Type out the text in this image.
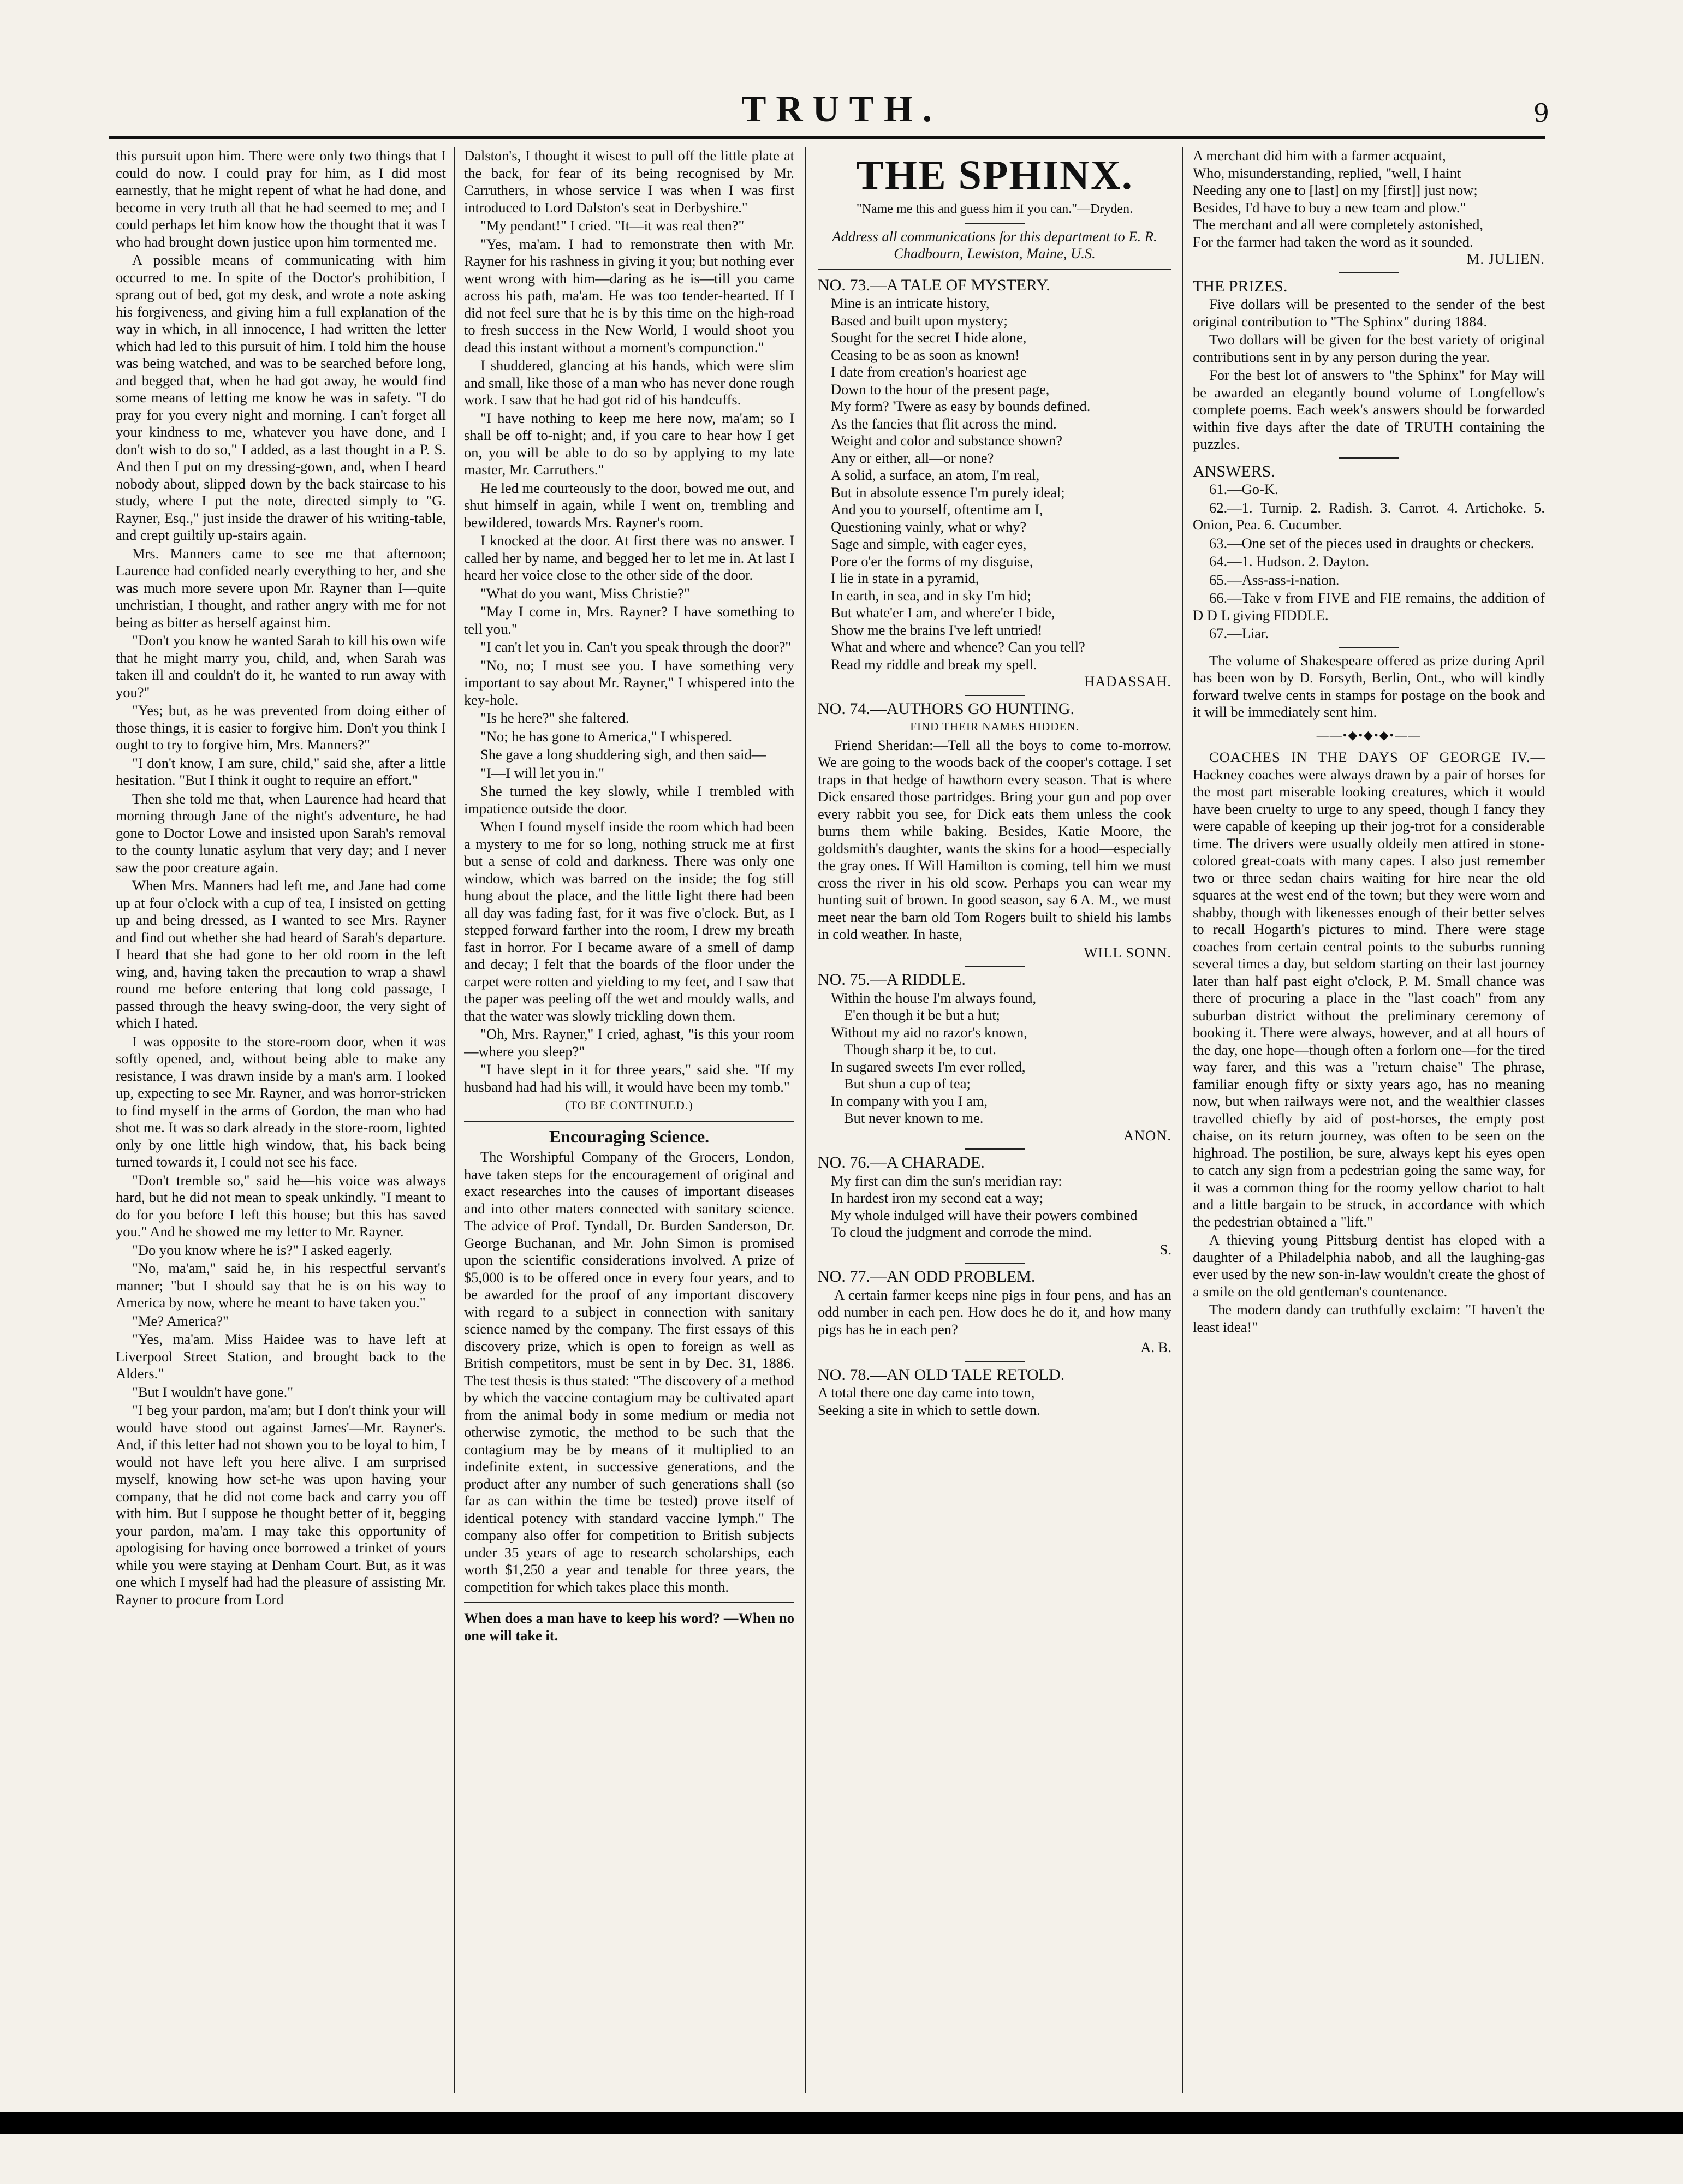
TRUTH.	9

this pursuit upon him. There were only two things that I could do now. I could pray for him, as I did most earnestly, that he might repent of what he had done, and become in very truth all that he had seemed to me; and I could perhaps let him know how the thought that it was I who had brought down justice upon him tormented me.

A possible means of communicating with him occurred to me. In spite of the Doctor's prohibition, I sprang out of bed, got my desk, and wrote a note asking his forgiveness, and giving him a full explanation of the way in which, in all innocence, I had written the letter which had led to this pursuit of him. I told him the house was being watched, and was to be searched before long, and begged that, when he had got away, he would find some means of letting me know he was in safety. "I do pray for you every night and morning. I can't forget all your kindness to me, whatever you have done, and I don't wish to do so," I added, as a last thought in a P. S. And then I put on my dressing-gown, and, when I heard nobody about, slipped down by the back staircase to his study, where I put the note, directed simply to "G. Rayner, Esq.," just inside the drawer of his writing-table, and crept guiltily up-stairs again.

Mrs. Manners came to see me that afternoon; Laurence had confided nearly everything to her, and she was much more severe upon Mr. Rayner than I—quite unchristian, I thought, and rather angry with me for not being as bitter as herself against him.

"Don't you know he wanted Sarah to kill his own wife that he might marry you, child, and, when Sarah was taken ill and couldn't do it, he wanted to run away with you?"

"Yes; but, as he was prevented from doing either of those things, it is easier to forgive him. Don't you think I ought to try to forgive him, Mrs. Manners?"

"I don't know, I am sure, child," said she, after a little hesitation. "But I think it ought to require an effort."

Then she told me that, when Laurence had heard that morning through Jane of the night's adventure, he had gone to Doctor Lowe and insisted upon Sarah's removal to the county lunatic asylum that very day; and I never saw the poor creature again.

When Mrs. Manners had left me, and Jane had come up at four o'clock with a cup of tea, I insisted on getting up and being dressed, as I wanted to see Mrs. Rayner and find out whether she had heard of Sarah's departure. I heard that she had gone to her old room in the left wing, and, having taken the precaution to wrap a shawl round me before entering that long cold passage, I passed through the heavy swing-door, the very sight of which I hated.

I was opposite to the store-room door, when it was softly opened, and, without being able to make any resistance, I was drawn inside by a man's arm. I looked up, expecting to see Mr. Rayner, and was horror-stricken to find myself in the arms of Gordon, the man who had shot me. It was so dark already in the store-room, lighted only by one little high window, that, his back being turned towards it, I could not see his face.

"Don't tremble so," said he—his voice was always hard, but he did not mean to speak unkindly. "I meant to do for you before I left this house; but this has saved you." And he showed me my letter to Mr. Rayner.

"Do you know where he is?" I asked eagerly.

"No, ma'am," said he, in his respectful servant's manner; "but I should say that he is on his way to America by now, where he meant to have taken you."

"Me? America?"

"Yes, ma'am. Miss Haidee was to have left at Liverpool Street Station, and brought back to the Alders."

"But I wouldn't have gone."

"I beg your pardon, ma'am; but I don't think your will would have stood out against James'—Mr. Rayner's. And, if this letter had not shown you to be loyal to him, I would not have left you here alive. I am surprised myself, knowing how set-he was upon having your company, that he did not come back and carry you off with him. But I suppose he thought better of it, begging your pardon, ma'am. I may take this opportunity of apologising for having once borrowed a trinket of yours while you were staying at Denham Court. But, as it was one which I myself had had the pleasure of assisting Mr. Rayner to procure from Lord

Dalston's, I thought it wisest to pull off the little plate at the back, for fear of its being recognised by Mr. Carruthers, in whose service I was when I was first introduced to Lord Dalston's seat in Derbyshire."

"My pendant!" I cried. "It—it was real then?"

"Yes, ma'am. I had to remonstrate then with Mr. Rayner for his rashness in giving it you; but nothing ever went wrong with him—daring as he is—till you came across his path, ma'am. He was too tender-hearted. If I did not feel sure that he is by this time on the high-road to fresh success in the New World, I would shoot you dead this instant without a moment's compunction."

I shuddered, glancing at his hands, which were slim and small, like those of a man who has never done rough work. I saw that he had got rid of his handcuffs.

"I have nothing to keep me here now, ma'am; so I shall be off to-night; and, if you care to hear how I get on, you will be able to do so by applying to my late master, Mr. Carruthers."

He led me courteously to the door, bowed me out, and shut himself in again, while I went on, trembling and bewildered, towards Mrs. Rayner's room.

I knocked at the door. At first there was no answer. I called her by name, and begged her to let me in. At last I heard her voice close to the other side of the door.

"What do you want, Miss Christie?"

"May I come in, Mrs. Rayner? I have something to tell you."

"I can't let you in. Can't you speak through the door?"

"No, no; I must see you. I have something very important to say about Mr. Rayner," I whispered into the key-hole.

"Is he here?" she faltered.

"No; he has gone to America," I whispered.

She gave a long shuddering sigh, and then said—

"I—I will let you in."

She turned the key slowly, while I trembled with impatience outside the door.

When I found myself inside the room which had been a mystery to me for so long, nothing struck me at first but a sense of cold and darkness. There was only one window, which was barred on the inside; the fog still hung about the place, and the little light there had been all day was fading fast, for it was five o'clock. But, as I stepped forward farther into the room, I drew my breath fast in horror. For I became aware of a smell of damp and decay; I felt that the boards of the floor under the carpet were rotten and yielding to my feet, and I saw that the paper was peeling off the wet and mouldy walls, and that the water was slowly trickling down them.

"Oh, Mrs. Rayner," I cried, aghast, "is this your room—where you sleep?"

"I have slept in it for three years," said she. "If my husband had had his will, it would have been my tomb."

(TO BE CONTINUED.)

Encouraging Science.

The Worshipful Company of the Grocers, London, have taken steps for the encouragement of original and exact researches into the causes of important diseases and into other maters connected with sanitary science. The advice of Prof. Tyndall, Dr. Burden Sanderson, Dr. George Buchanan, and Mr. John Simon is promised upon the scientific considerations involved. A prize of $5,000 is to be offered once in every four years, and to be awarded for the proof of any important discovery with regard to a subject in connection with sanitary science named by the company. The first essays of this discovery prize, which is open to foreign as well as British competitors, must be sent in by Dec. 31, 1886. The test thesis is thus stated: "The discovery of a method by which the vaccine contagium may be cultivated apart from the animal body in some medium or media not otherwise zymotic, the method to be such that the contagium may be by means of it multiplied to an indefinite extent, in successive generations, and the product after any number of such generations shall (so far as can within the time be tested) prove itself of identical potency with standard vaccine lymph." The company also offer for competition to British subjects under 35 years of age to research scholarships, each worth $1,250 a year and tenable for three years, the competition for which takes place this month.

When does a man have to keep his word? —When no one will take it.

THE SPHINX.

"Name me this and guess him if you can."—Dryden.

Address all communications for this department to E. R. Chadbourn, Lewiston, Maine, U.S.

NO. 73.—A TALE OF MYSTERY.

Mine is an intricate history,
Based and built upon mystery;
Sought for the secret I hide alone,
Ceasing to be as soon as known!
I date from creation's hoariest age
Down to the hour of the present page,
My form? 'Twere as easy by bounds defined.
As the fancies that flit across the mind.
Weight and color and substance shown?
Any or either, all—or none?
A solid, a surface, an atom, I'm real,
But in absolute essence I'm purely ideal;
And you to yourself, oftentime am I,
Questioning vainly, what or why?
Sage and simple, with eager eyes,
Pore o'er the forms of my disguise,
I lie in state in a pyramid,
In earth, in sea, and in sky I'm hid;
But whate'er I am, and where'er I bide,
Show me the brains I've left untried!
What and where and whence? Can you tell?
Read my riddle and break my spell.

HADASSAH.

NO. 74.—AUTHORS GO HUNTING.

FIND THEIR NAMES HIDDEN.

Friend Sheridan:—Tell all the boys to come to-morrow. We are going to the woods back of the cooper's cottage. I set traps in that hedge of hawthorn every season. That is where Dick ensared those partridges. Bring your gun and pop over every rabbit you see, for Dick eats them unless the cook burns them while baking. Besides, Katie Moore, the goldsmith's daughter, wants the skins for a hood—especially the gray ones. If Will Hamilton is coming, tell him we must cross the river in his old scow. Perhaps you can wear my hunting suit of brown. In good season, say 6 A. M., we must meet near the barn old Tom Rogers built to shield his lambs in cold weather. In haste,

WILL SONN.

NO. 75.—A RIDDLE.

Within the house I'm always found,
E'en though it be but a hut;
Without my aid no razor's known,
Though sharp it be, to cut.
In sugared sweets I'm ever rolled,
But shun a cup of tea;
In company with you I am,
But never known to me.

ANON.

NO. 76.—A CHARADE.

My first can dim the sun's meridian ray:
In hardest iron my second eat a way;
My whole indulged will have their powers combined
To cloud the judgment and corrode the mind.

S.

NO. 77.—AN ODD PROBLEM.

A certain farmer keeps nine pigs in four pens, and has an odd number in each pen. How does he do it, and how many pigs has he in each pen?

A. B.

NO. 78.—AN OLD TALE RETOLD.

A total there one day came into town,
Seeking a site in which to settle down.
A merchant did him with a farmer acquaint,
Who, misunderstanding, replied, "well, I haint
Needing any one to [last] on my [first]] just now;
Besides, I'd have to buy a new team and plow."
The merchant and all were completely astonished,
For the farmer had taken the word as it sounded.

M. JULIEN.

THE PRIZES.

Five dollars will be presented to the sender of the best original contribution to "The Sphinx" during 1884.

Two dollars will be given for the best variety of original contributions sent in by any person during the year.

For the best lot of answers to "the Sphinx" for May will be awarded an elegantly bound volume of Longfellow's complete poems. Each week's answers should be forwarded within five days after the date of TRUTH containing the puzzles.

ANSWERS.

61.—Go-K.

62.—1. Turnip. 2. Radish. 3. Carrot. 4. Artichoke. 5. Onion, Pea. 6. Cucumber.

63.—One set of the pieces used in draughts or checkers.

64.—1. Hudson. 2. Dayton.

65.—Ass-ass-i-nation.

66.—Take v from FIVE and FIE remains, the addition of D D L giving FIDDLE.

67.—Liar.

The volume of Shakespeare offered as prize during April has been won by D. Forsyth, Berlin, Ont., who will kindly forward twelve cents in stamps for postage on the book and it will be immediately sent him.

——•◆•◆•◆•——

COACHES IN THE DAYS OF GEORGE IV.—Hackney coaches were always drawn by a pair of horses for the most part miserable looking creatures, which it would have been cruelty to urge to any speed, though I fancy they were capable of keeping up their jog-trot for a considerable time. The drivers were usually oldeily men attired in stone-colored great-coats with many capes. I also just remember two or three sedan chairs waiting for hire near the old squares at the west end of the town; but they were worn and shabby, though with likenesses enough of their better selves to recall Hogarth's pictures to mind. There were stage coaches from certain central points to the suburbs running several times a day, but seldom starting on their last journey later than half past eight o'clock, P. M. Small chance was there of procuring a place in the "last coach" from any suburban district without the preliminary ceremony of booking it. There were always, however, and at all hours of the day, one hope—though often a forlorn one—for the tired way farer, and this was a "return chaise" The phrase, familiar enough fifty or sixty years ago, has no meaning now, but when railways were not, and the wealthier classes travelled chiefly by aid of post-horses, the empty post chaise, on its return journey, was often to be seen on the highroad. The postilion, be sure, always kept his eyes open to catch any sign from a pedestrian going the same way, for it was a common thing for the roomy yellow chariot to halt and a little bargain to be struck, in accordance with which the pedestrian obtained a "lift."

A thieving young Pittsburg dentist has eloped with a daughter of a Philadelphia nabob, and all the laughing-gas ever used by the new son-in-law wouldn't create the ghost of a smile on the old gentleman's countenance.

The modern dandy can truthfully exclaim: "I haven't the least idea!"
